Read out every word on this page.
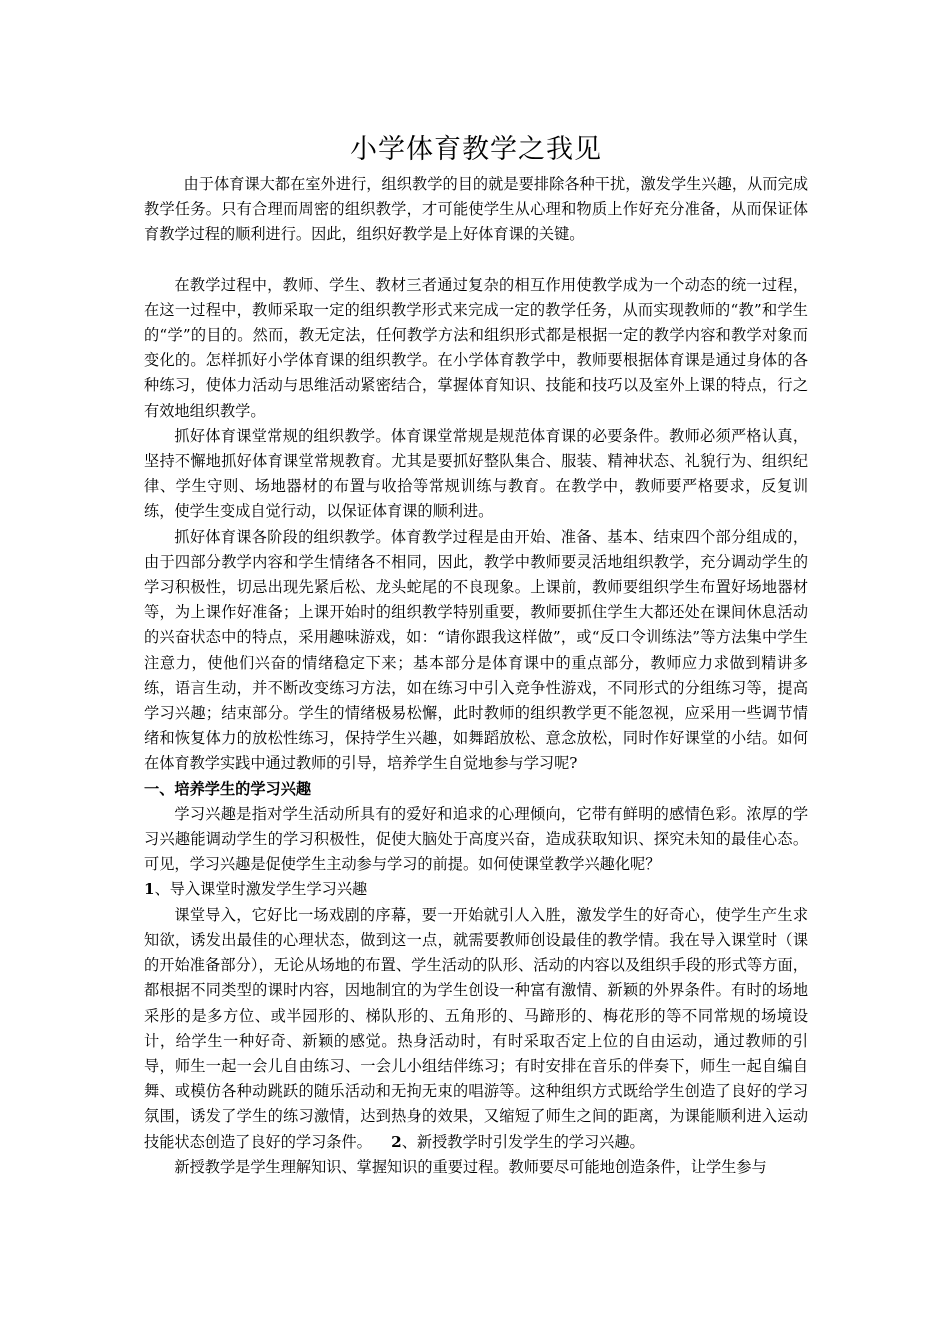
小学体育教学之我见

由于体育课大都在室外进行，组织教学的目的就是要排除各种干扰，激发学生兴趣，从而完成教学任务。只有合理而周密的组织教学，才可能使学生从心理和物质上作好充分准备，从而保证体育教学过程的顺利进行。因此，组织好教学是上好体育课的关键。

在教学过程中，教师、学生、教材三者通过复杂的相互作用使教学成为一个动态的统一过程，在这一过程中，教师采取一定的组织教学形式来完成一定的教学任务，从而实现教师的“教”和学生的“学”的目的。然而，教无定法，任何教学方法和组织形式都是根据一定的教学内容和教学对象而变化的。怎样抓好小学体育课的组织教学。在小学体育教学中，教师要根据体育课是通过身体的各种练习，使体力活动与思维活动紧密结合，掌握体育知识、技能和技巧以及室外上课的特点，行之有效地组织教学。

抓好体育课堂常规的组织教学。体育课堂常规是规范体育课的必要条件。教师必须严格认真，坚持不懈地抓好体育课堂常规教育。尤其是要抓好整队集合、服装、精神状态、礼貌行为、组织纪律、学生守则、场地器材的布置与收拾等常规训练与教育。在教学中，教师要严格要求，反复训练，使学生变成自觉行动，以保证体育课的顺利进。

抓好体育课各阶段的组织教学。体育教学过程是由开始、准备、基本、结束四个部分组成的，由于四部分教学内容和学生情绪各不相同，因此，教学中教师要灵活地组织教学，充分调动学生的学习积极性，切忌出现先紧后松、龙头蛇尾的不良现象。上课前，教师要组织学生布置好场地器材等，为上课作好准备；上课开始时的组织教学特别重要，教师要抓住学生大都还处在课间休息活动的兴奋状态中的特点，采用趣味游戏，如：“请你跟我这样做”，或“反口令训练法”等方法集中学生注意力，使他们兴奋的情绪稳定下来；基本部分是体育课中的重点部分，教师应力求做到精讲多练，语言生动，并不断改变练习方法，如在练习中引入竞争性游戏，不同形式的分组练习等，提高学习兴趣；结束部分。学生的情绪极易松懈，此时教师的组织教学更不能忽视，应采用一些调节情绪和恢复体力的放松性练习，保持学生兴趣，如舞蹈放松、意念放松，同时作好课堂的小结。如何在体育教学实践中通过教师的引导，培养学生自觉地参与学习呢?

一、培养学生的学习兴趣

学习兴趣是指对学生活动所具有的爱好和追求的心理倾向，它带有鲜明的感情色彩。浓厚的学习兴趣能调动学生的学习积极性，促使大脑处于高度兴奋，造成获取知识、探究未知的最佳心态。可见，学习兴趣是促使学生主动参与学习的前提。如何使课堂教学兴趣化呢？

1、导入课堂时激发学生学习兴趣

课堂导入，它好比一场戏剧的序幕，要一开始就引人入胜，激发学生的好奇心，使学生产生求知欲，诱发出最佳的心理状态，做到这一点，就需要教师创设最佳的教学情。我在导入课堂时（课的开始准备部分），无论从场地的布置、学生活动的队形、活动的内容以及组织手段的形式等方面，都根据不同类型的课时内容，因地制宜的为学生创设一种富有激情、新颖的外界条件。有时的场地采彤的是多方位、或半园形的、梯队形的、五角形的、马蹄形的、梅花形的等不同常规的场境设计，给学生一种好奇、新颖的感觉。热身活动时，有时采取否定上位的自由运动，通过教师的引导，师生一起一会儿自由练习、一会儿小组结伴练习；有时安排在音乐的伴奏下，师生一起自编自舞、或模仿各种动跳跃的随乐活动和无拘无束的唱游等。这种组织方式既给学生创造了良好的学习氛围，诱发了学生的练习激情，达到热身的效果，又缩短了师生之间的距离，为课能顺利进入运动技能状态创造了良好的学习条件。 2、新授教学时引发学生的学习兴趣。

新授教学是学生理解知识、掌握知识的重要过程。教师要尽可能地创造条件，让学生参与
